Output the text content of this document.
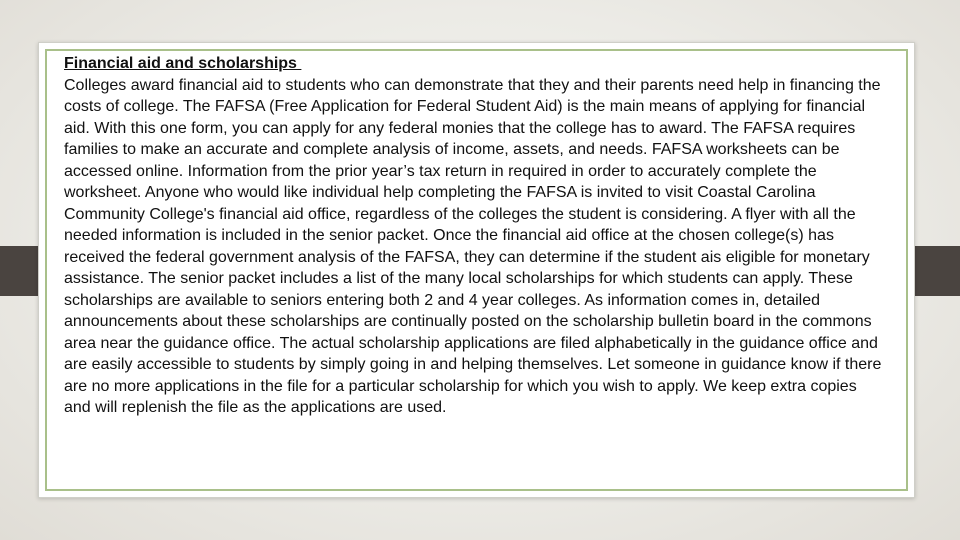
Financial aid and scholarships

Colleges award financial aid to students who can demonstrate that they and their parents need help in financing the costs of college. The FAFSA (Free Application for Federal Student Aid) is the main means of applying for financial aid. With this one form, you can apply for any federal monies that the college has to award. The FAFSA requires families to make an accurate and complete analysis of income, assets, and needs. FAFSA worksheets can be accessed online. Information from the prior year’s tax return in required in order to accurately complete the worksheet. Anyone who would like individual help completing the FAFSA is invited to visit Coastal Carolina Community College's financial aid office, regardless of the colleges the student is considering. A flyer with all the needed information is included in the senior packet. Once the financial aid office at the chosen college(s) has received the federal government analysis of the FAFSA, they can determine if the student ais eligible for monetary assistance. The senior packet includes a list of the many local scholarships for which students can apply. These scholarships are available to seniors entering both 2 and 4 year colleges. As information comes in, detailed announcements about these scholarships are continually posted on the scholarship bulletin board in the commons area near the guidance office. The actual scholarship applications are filed alphabetically in the guidance office and are easily accessible to students by simply going in and helping themselves. Let someone in guidance know if there are no more applications in the file for a particular scholarship for which you wish to apply. We keep extra copies and will replenish the file as the applications are used.
